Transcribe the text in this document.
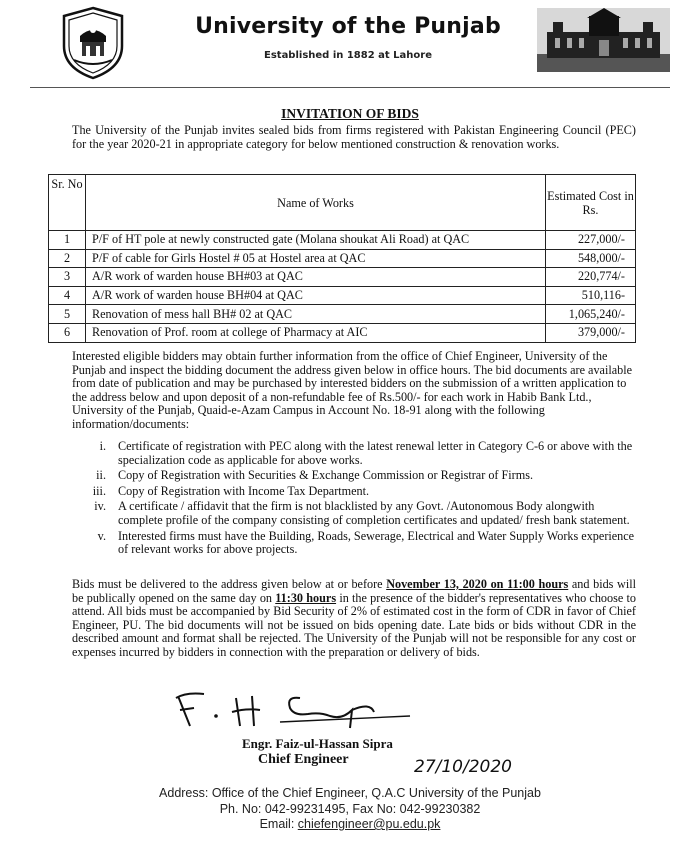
University of the Punjab
Established in 1882 at Lahore
INVITATION OF BIDS
The University of the Punjab invites sealed bids from firms registered with Pakistan Engineering Council (PEC) for the year 2020-21 in appropriate category for below mentioned construction & renovation works.
Sr. No	Name of Works	Estimated Cost in Rs.
1	P/F of HT pole at newly constructed gate (Molana shoukat Ali Road) at QAC	227,000/-
2	P/F of cable for Girls Hostel # 05 at Hostel area at QAC	548,000/-
3	A/R work of warden house BH#03 at QAC	220,774/-
4	A/R work of warden house BH#04 at QAC	510,116-
5	Renovation of mess hall BH# 02 at QAC	1,065,240/-
6	Renovation of Prof. room at college of Pharmacy at AIC	379,000/-
Interested eligible bidders may obtain further information from the office of Chief Engineer, University of the Punjab and inspect the bidding document the address given below in office hours. The bid documents are available from date of publication and may be purchased by interested bidders on the submission of a written application to the address below and upon deposit of a non-refundable fee of Rs.500/- for each work in Habib Bank Ltd., University of the Punjab, Quaid-e-Azam Campus in Account No. 18-91 along with the following information/documents:
i. Certificate of registration with PEC along with the latest renewal letter in Category C-6 or above with the specialization code as applicable for above works.
ii. Copy of Registration with Securities & Exchange Commission or Registrar of Firms.
iii. Copy of Registration with Income Tax Department.
iv. A certificate / affidavit that the firm is not blacklisted by any Govt. /Autonomous Body alongwith complete profile of the company consisting of completion certificates and updated/ fresh bank statement.
v. Interested firms must have the Building, Roads, Sewerage, Electrical and Water Supply Works experience of relevant works for above projects.
Bids must be delivered to the address given below at or before November 13, 2020 on 11:00 hours and bids will be publically opened on the same day on 11:30 hours in the presence of the bidder's representatives who choose to attend. All bids must be accompanied by Bid Security of 2% of estimated cost in the form of CDR in favor of Chief Engineer, PU. The bid documents will not be issued on bids opening date. Late bids or bids without CDR in the described amount and format shall be rejected. The University of the Punjab will not be responsible for any cost or expenses incurred by bidders in connection with the preparation or delivery of bids.
Engr. Faiz-ul-Hassan Sipra
Chief Engineer	27/10/2020
Address: Office of the Chief Engineer, Q.A.C University of the Punjab
Ph. No: 042-99231495, Fax No: 042-99230382
Email: chiefengineer@pu.edu.pk
